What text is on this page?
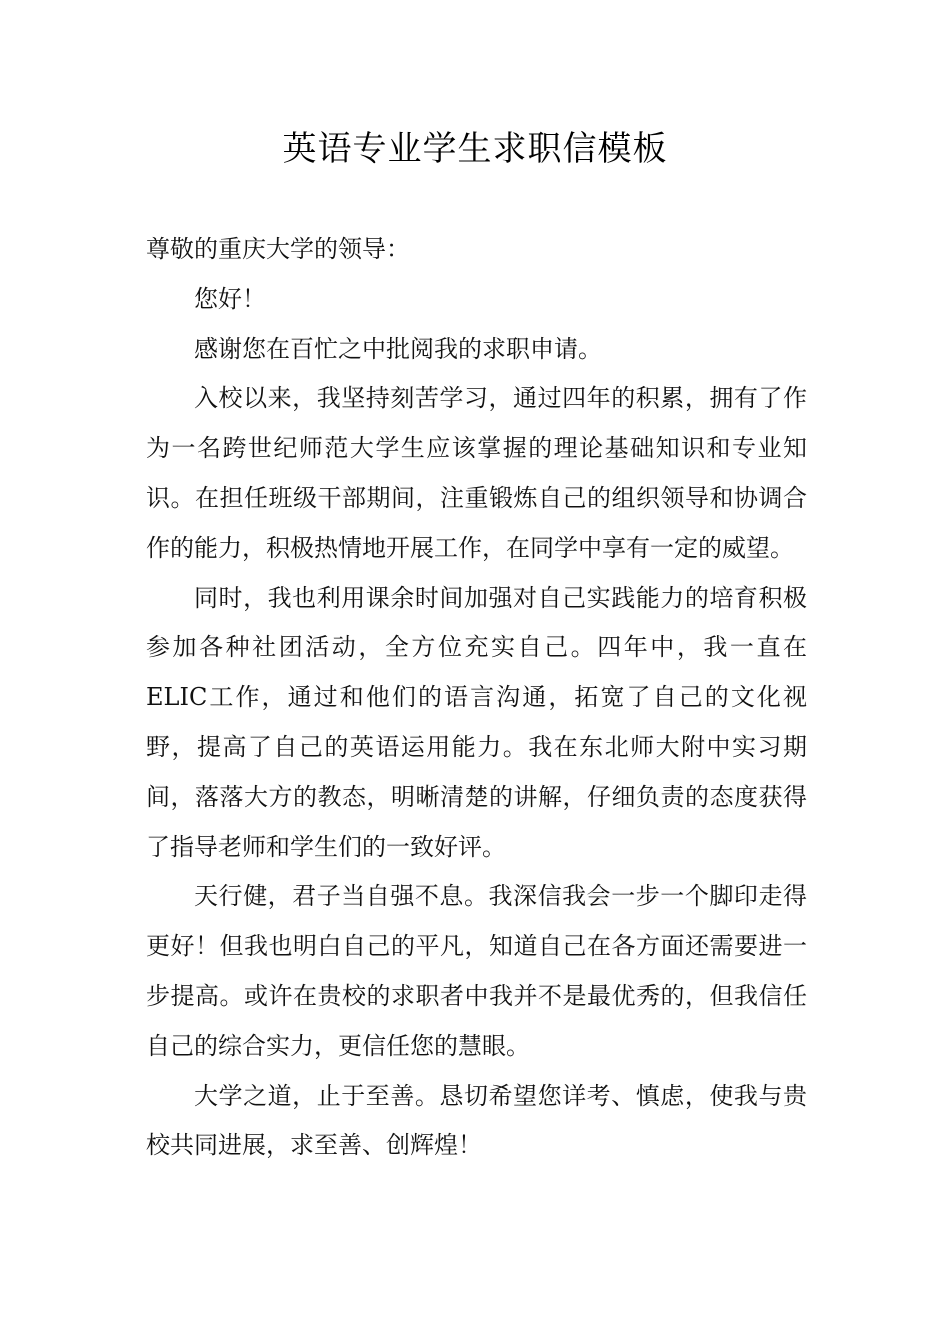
英语专业学生求职信模板

尊敬的重庆大学的领导：

您好！

感谢您在百忙之中批阅我的求职申请。

入校以来，我坚持刻苦学习，通过四年的积累，拥有了作为一名跨世纪师范大学生应该掌握的理论基础知识和专业知识。在担任班级干部期间，注重锻炼自己的组织领导和协调合作的能力，积极热情地开展工作，在同学中享有一定的威望。

同时，我也利用课余时间加强对自己实践能力的培育积极参加各种社团活动，全方位充实自己。四年中，我一直在ELIC工作，通过和他们的语言沟通，拓宽了自己的文化视野，提高了自己的英语运用能力。我在东北师大附中实习期间，落落大方的教态，明晰清楚的讲解，仔细负责的态度获得了指导老师和学生们的一致好评。

天行健，君子当自强不息。我深信我会一步一个脚印走得更好！但我也明白自己的平凡，知道自己在各方面还需要进一步提高。或许在贵校的求职者中我并不是最优秀的，但我信任自己的综合实力，更信任您的慧眼。

大学之道，止于至善。恳切希望您详考、慎虑，使我与贵校共同进展，求至善、创辉煌！
